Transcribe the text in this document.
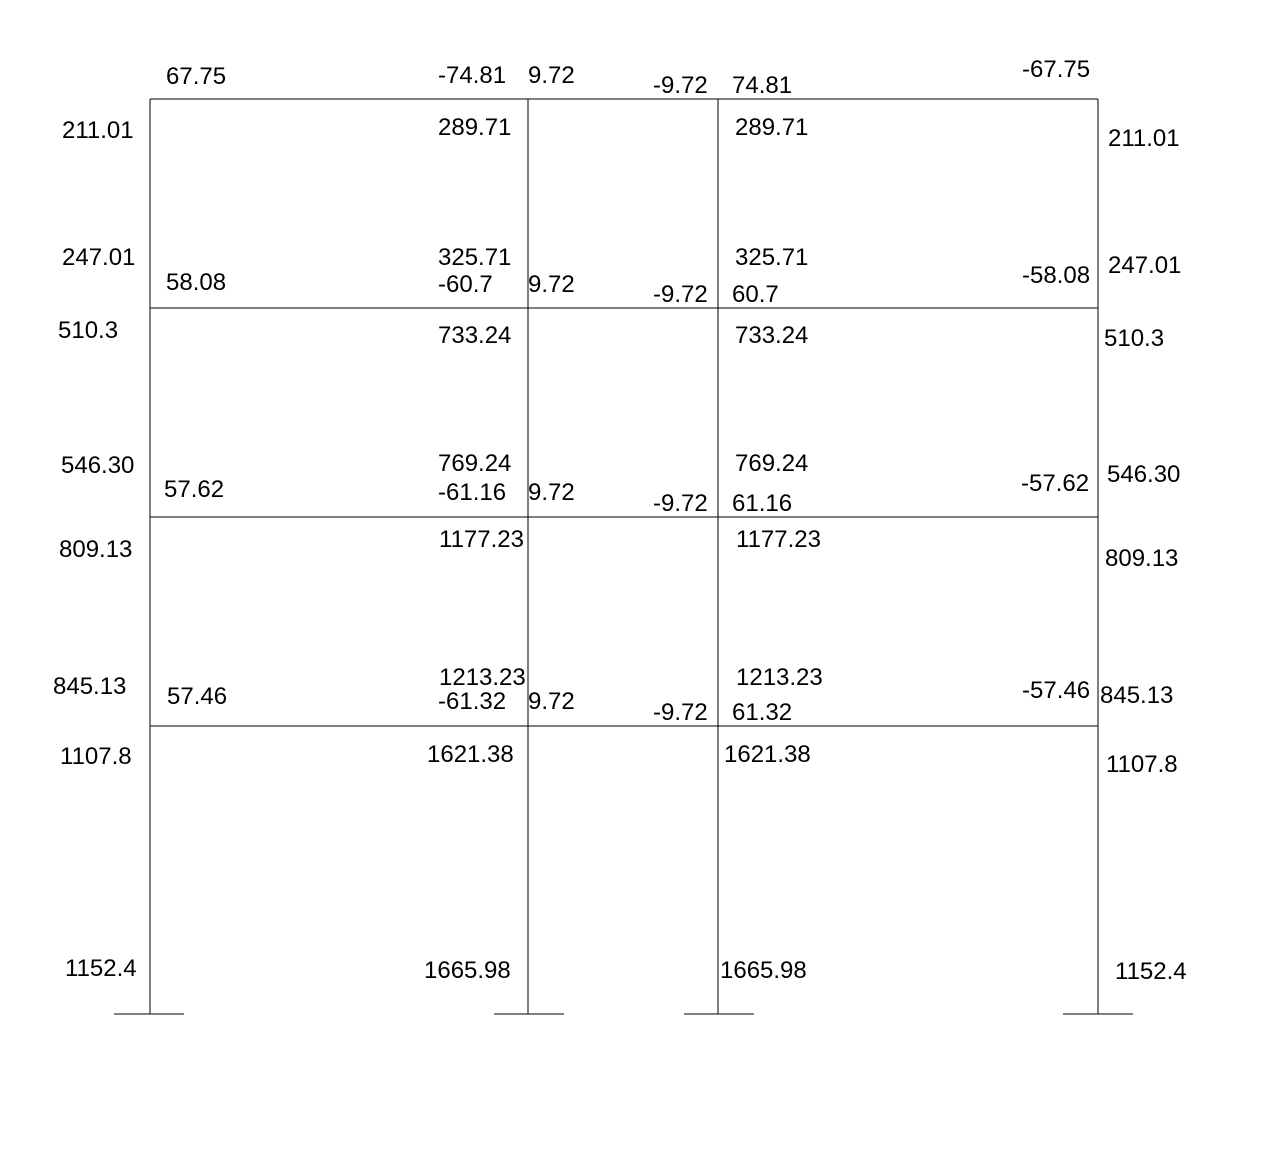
67.75	-74.81 9.72	-9.72 74.81
-67.75
58.08	-60.7 9.72	-9.72 60.7
-58.08
57.62	-61.16 9.72	-9.72 61.16
-57.62
57.46	-61.32 9.72	-9.72 61.32
-57.46
211.01
247.01
289.71
325.71
289.71
325.71
211.01
247.01
510.3
546.30
733.24
769.24
733.24
769.24
510.3
546.30
809.13
845.13
1177.23
1213.23
1177.23
1213.23
809.13
845.13
1107.8
1152.4
1621.38
1665.98
1621.38
1665.98
1107.8
1152.4
